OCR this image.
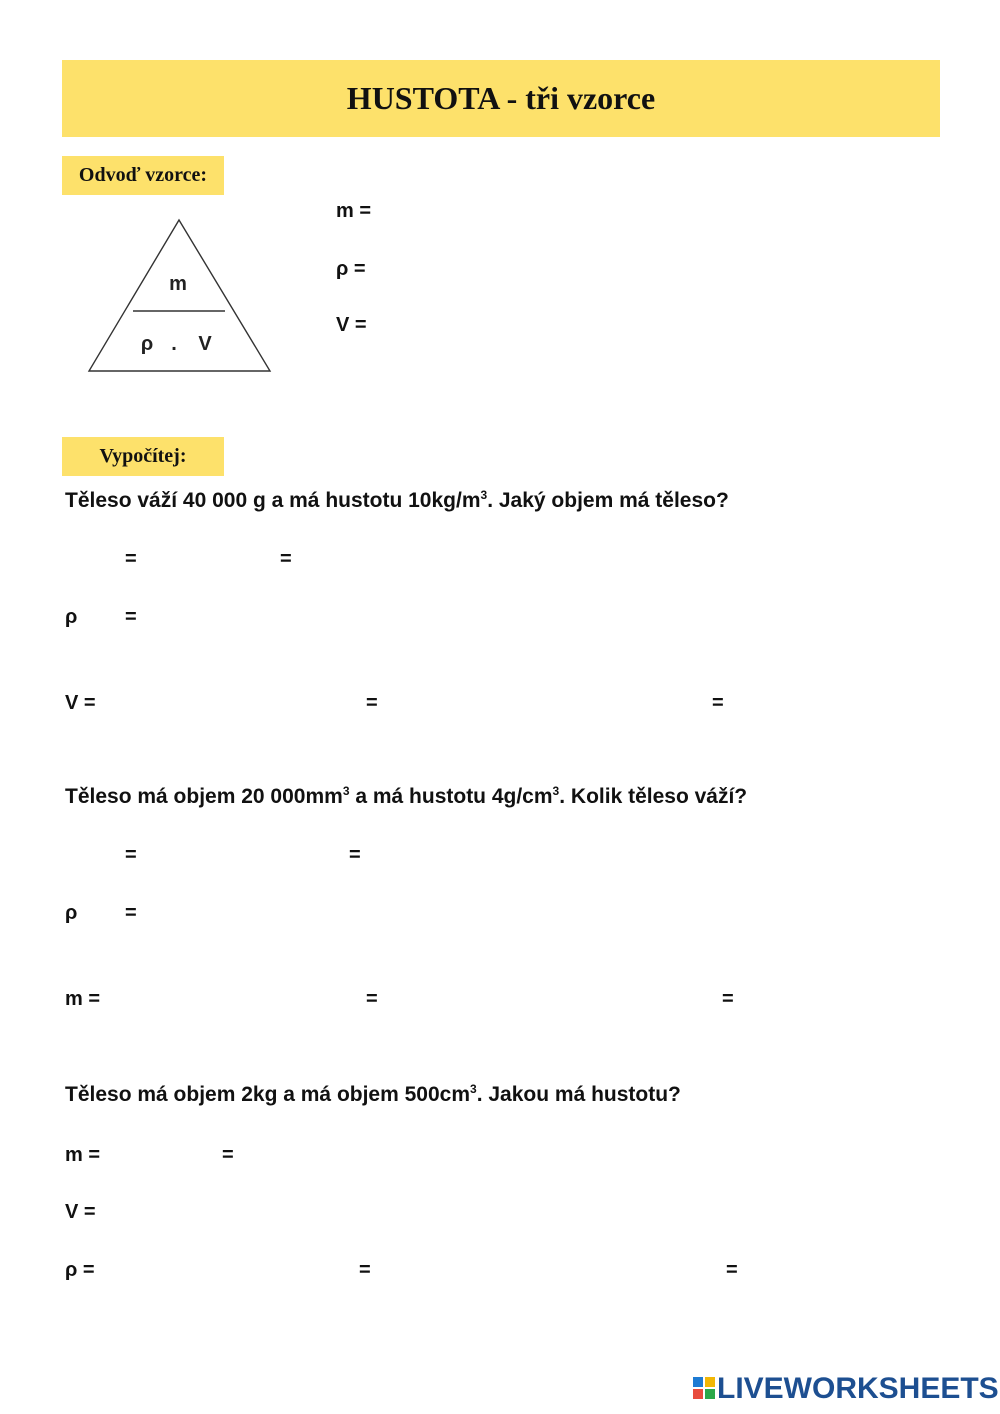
HUSTOTA - tři vzorce
Odvoď vzorce:
m
ρ . V
m =
ρ =
V =
Vypočítej:
Těleso váží 40 000 g a má hustotu $10kg/m^3$. Jaký objem má těleso?
=	=
ρ =
V =	=	=
Těleso má objem 20 $000mm^3$ a má hustotu $4g/cm^3$. Kolik těleso váží?
=	=
ρ =
m =	=	=
Těleso má objem 2kg a má objem $500cm^3$. Jakou má hustotu?
m =	=
V =
ρ =	=	=
LIVEWORKSHEETS
